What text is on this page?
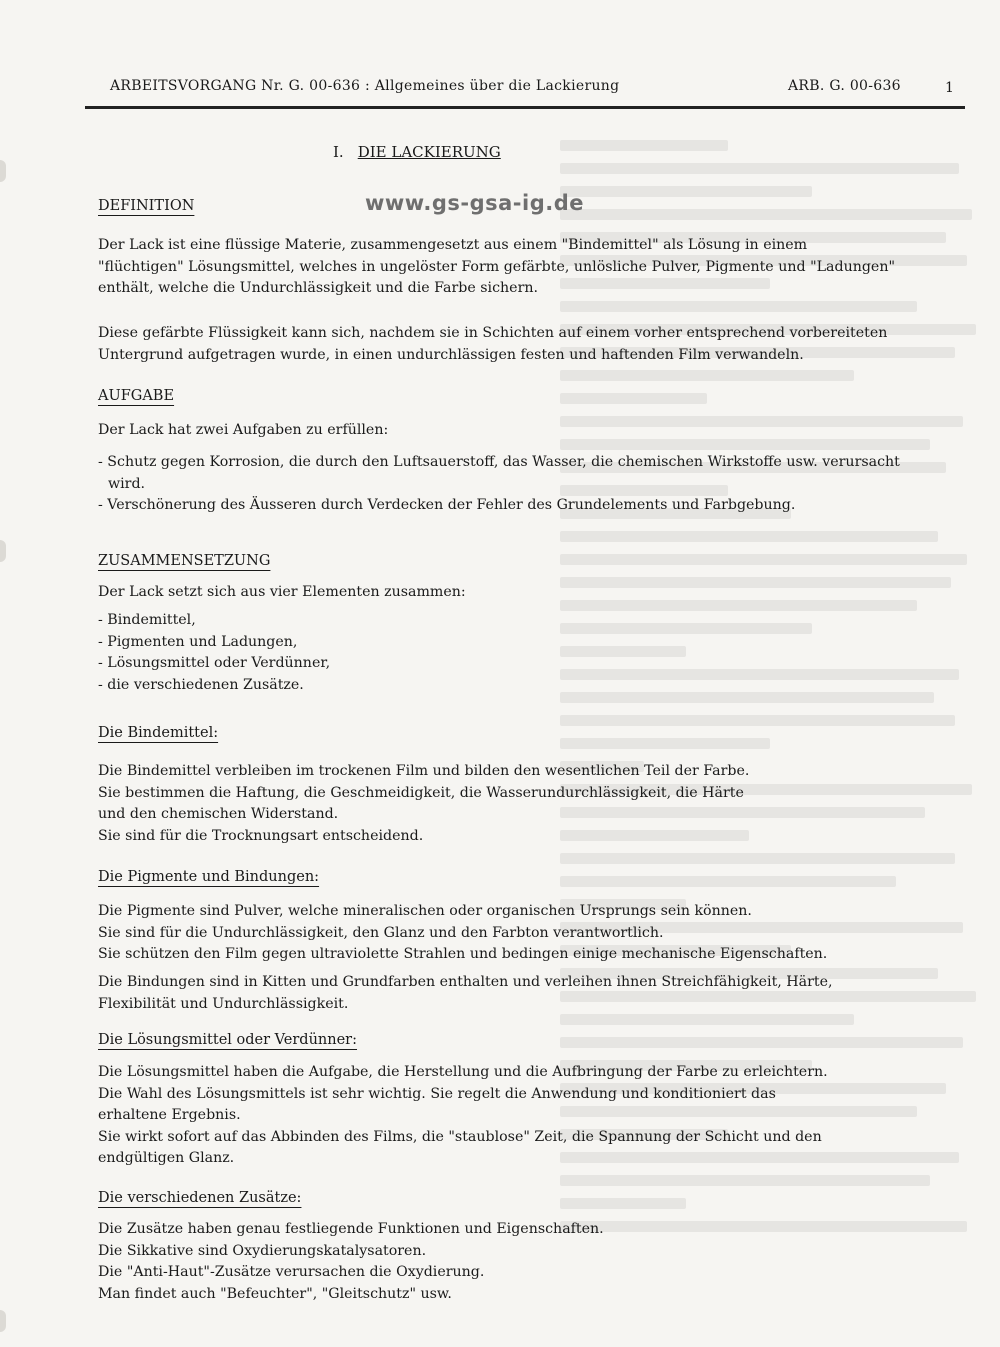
ARBEITSVORGANG Nr. G. 00-636 : Allgemeines über die Lackierung	ARB. G. 00-636	1
I. DIE LACKIERUNG
www.gs-gsa-ig.de
DEFINITION

Der Lack ist eine flüssige Materie, zusammengesetzt aus einem "Bindemittel" als Lösung in einem

"flüchtigen" Lösungsmittel, welches in ungelöster Form gefärbte, unlösliche Pulver, Pigmente und "Ladungen"

enthält, welche die Undurchlässigkeit und die Farbe sichern.

Diese gefärbte Flüssigkeit kann sich, nachdem sie in Schichten auf einem vorher entsprechend vorbereiteten

Untergrund aufgetragen wurde, in einen undurchlässigen festen und haftenden Film verwandeln.

AUFGABE
Der Lack hat zwei Aufgaben zu erfüllen:

- Schutz gegen Korrosion, die durch den Luftsauerstoff, das Wasser, die chemischen Wirkstoffe usw. verursacht

wird.

- Verschönerung des Äusseren durch Verdecken der Fehler des Grundelements und Farbgebung.

ZUSAMMENSETZUNG
Der Lack setzt sich aus vier Elementen zusammen:

- Bindemittel,

- Pigmenten und Ladungen,

- Lösungsmittel oder Verdünner,

- die verschiedenen Zusätze.

Die Bindemittel:

Die Bindemittel verbleiben im trockenen Film und bilden den wesentlichen Teil der Farbe.

Sie bestimmen die Haftung, die Geschmeidigkeit, die Wasserundurchlässigkeit, die Härte

und den chemischen Widerstand.

Sie sind für die Trocknungsart entscheidend.

Die Pigmente und Bindungen:

Die Pigmente sind Pulver, welche mineralischen oder organischen Ursprungs sein können.

Sie sind für die Undurchlässigkeit, den Glanz und den Farbton verantwortlich.

Sie schützen den Film gegen ultraviolette Strahlen und bedingen einige mechanische Eigenschaften.

Die Bindungen sind in Kitten und Grundfarben enthalten und verleihen ihnen Streichfähigkeit, Härte,

Flexibilität und Undurchlässigkeit.

Die Lösungsmittel oder Verdünner:

Die Lösungsmittel haben die Aufgabe, die Herstellung und die Aufbringung der Farbe zu erleichtern.

Die Wahl des Lösungsmittels ist sehr wichtig. Sie regelt die Anwendung und konditioniert das

erhaltene Ergebnis.

Sie wirkt sofort auf das Abbinden des Films, die "staublose" Zeit, die Spannung der Schicht und den

endgültigen Glanz.

Die verschiedenen Zusätze:

Die Zusätze haben genau festliegende Funktionen und Eigenschaften.

Die Sikkative sind Oxydierungskatalysatoren.

Die "Anti-Haut"-Zusätze verursachen die Oxydierung.

Man findet auch "Befeuchter", "Gleitschutz" usw.
